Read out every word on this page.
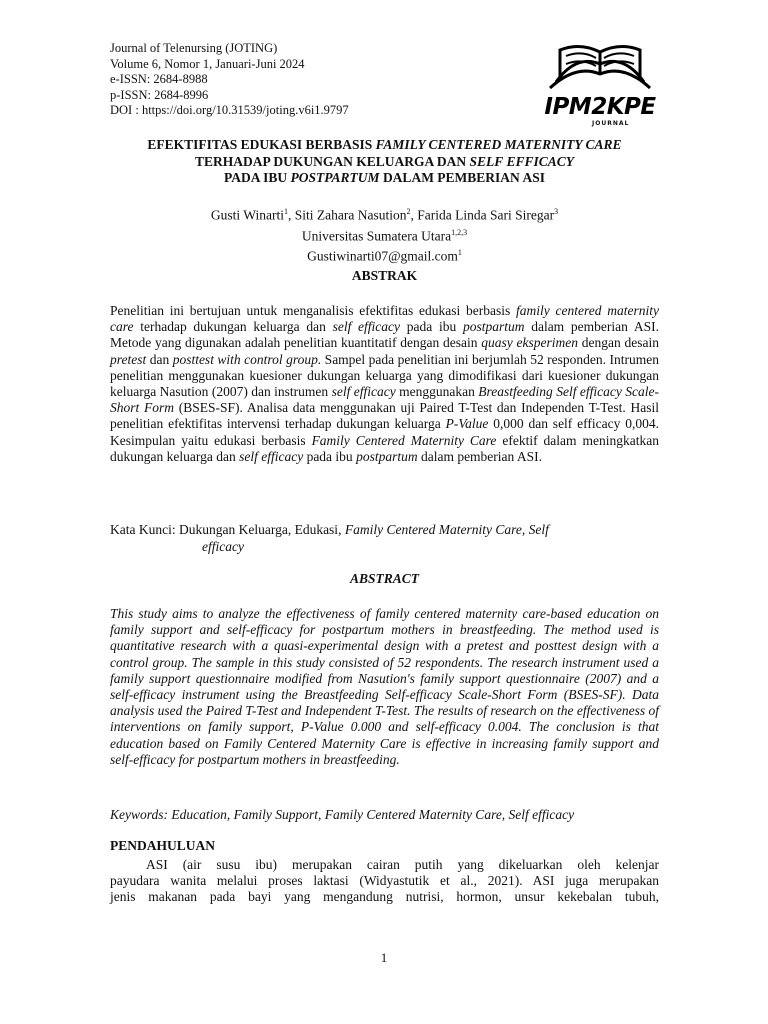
Journal of Telenursing (JOTING)
Volume 6, Nomor 1, Januari-Juni 2024
e-ISSN: 2684-8988
p-ISSN: 2684-8996
DOI : https://doi.org/10.31539/joting.v6i1.9797	IPM2KPE
JOURNAL
EFEKTIFITAS EDUKASI BERBASIS FAMILY CENTERED MATERNITY CARE
TERHADAP DUKUNGAN KELUARGA DAN SELF EFFICACY
PADA IBU POSTPARTUM DALAM PEMBERIAN ASI
Gusti Winarti$^1$, Siti Zahara Nasution$^2$, Farida Linda Sari Siregar$^3$
Universitas Sumatera Utara$^{1,2,3}$
Gustiwinarti07@gmail.com$^1$
ABSTRAK
Penelitian ini bertujuan untuk menganalisis efektifitas edukasi berbasis family centered maternity care terhadap dukungan keluarga dan self efficacy pada ibu postpartum dalam pemberian ASI. Metode yang digunakan adalah penelitian kuantitatif dengan desain quasy eksperimen dengan desain pretest dan posttest with control group. Sampel pada penelitian ini berjumlah 52 responden. Intrumen penelitian menggunakan kuesioner dukungan keluarga yang dimodifikasi dari kuesioner dukungan keluarga Nasution (2007) dan instrumen self efficacy menggunakan Breastfeeding Self efficacy Scale-Short Form (BSES-SF). Analisa data menggunakan uji Paired T-Test dan Independen T-Test. Hasil penelitian efektifitas intervensi terhadap dukungan keluarga P-Value 0,000 dan self efficacy 0,004. Kesimpulan yaitu edukasi berbasis Family Centered Maternity Care efektif dalam meningkatkan dukungan keluarga dan self efficacy pada ibu postpartum dalam pemberian ASI.
Kata Kunci: Dukungan Keluarga, Edukasi, Family Centered Maternity Care, Self
efficacy
ABSTRACT
This study aims to analyze the effectiveness of family centered maternity care-based education on family support and self-efficacy for postpartum mothers in breastfeeding. The method used is quantitative research with a quasi-experimental design with a pretest and posttest design with a control group. The sample in this study consisted of 52 respondents. The research instrument used a family support questionnaire modified from Nasution's family support questionnaire (2007) and a self-efficacy instrument using the Breastfeeding Self-efficacy Scale-Short Form (BSES-SF). Data analysis used the Paired T-Test and Independent T-Test. The results of research on the effectiveness of interventions on family support, P-Value 0.000 and self-efficacy 0.004. The conclusion is that education based on Family Centered Maternity Care is effective in increasing family support and self-efficacy for postpartum mothers in breastfeeding.
Keywords: Education, Family Support, Family Centered Maternity Care, Self efficacy
PENDAHULUAN
ASI (air susu ibu) merupakan cairan putih yang dikeluarkan oleh kelenjar
payudara wanita melalui proses laktasi (Widyastutik et al., 2021). ASI juga merupakan
jenis makanan pada bayi yang mengandung nutrisi, hormon, unsur kekebalan tubuh,
1
